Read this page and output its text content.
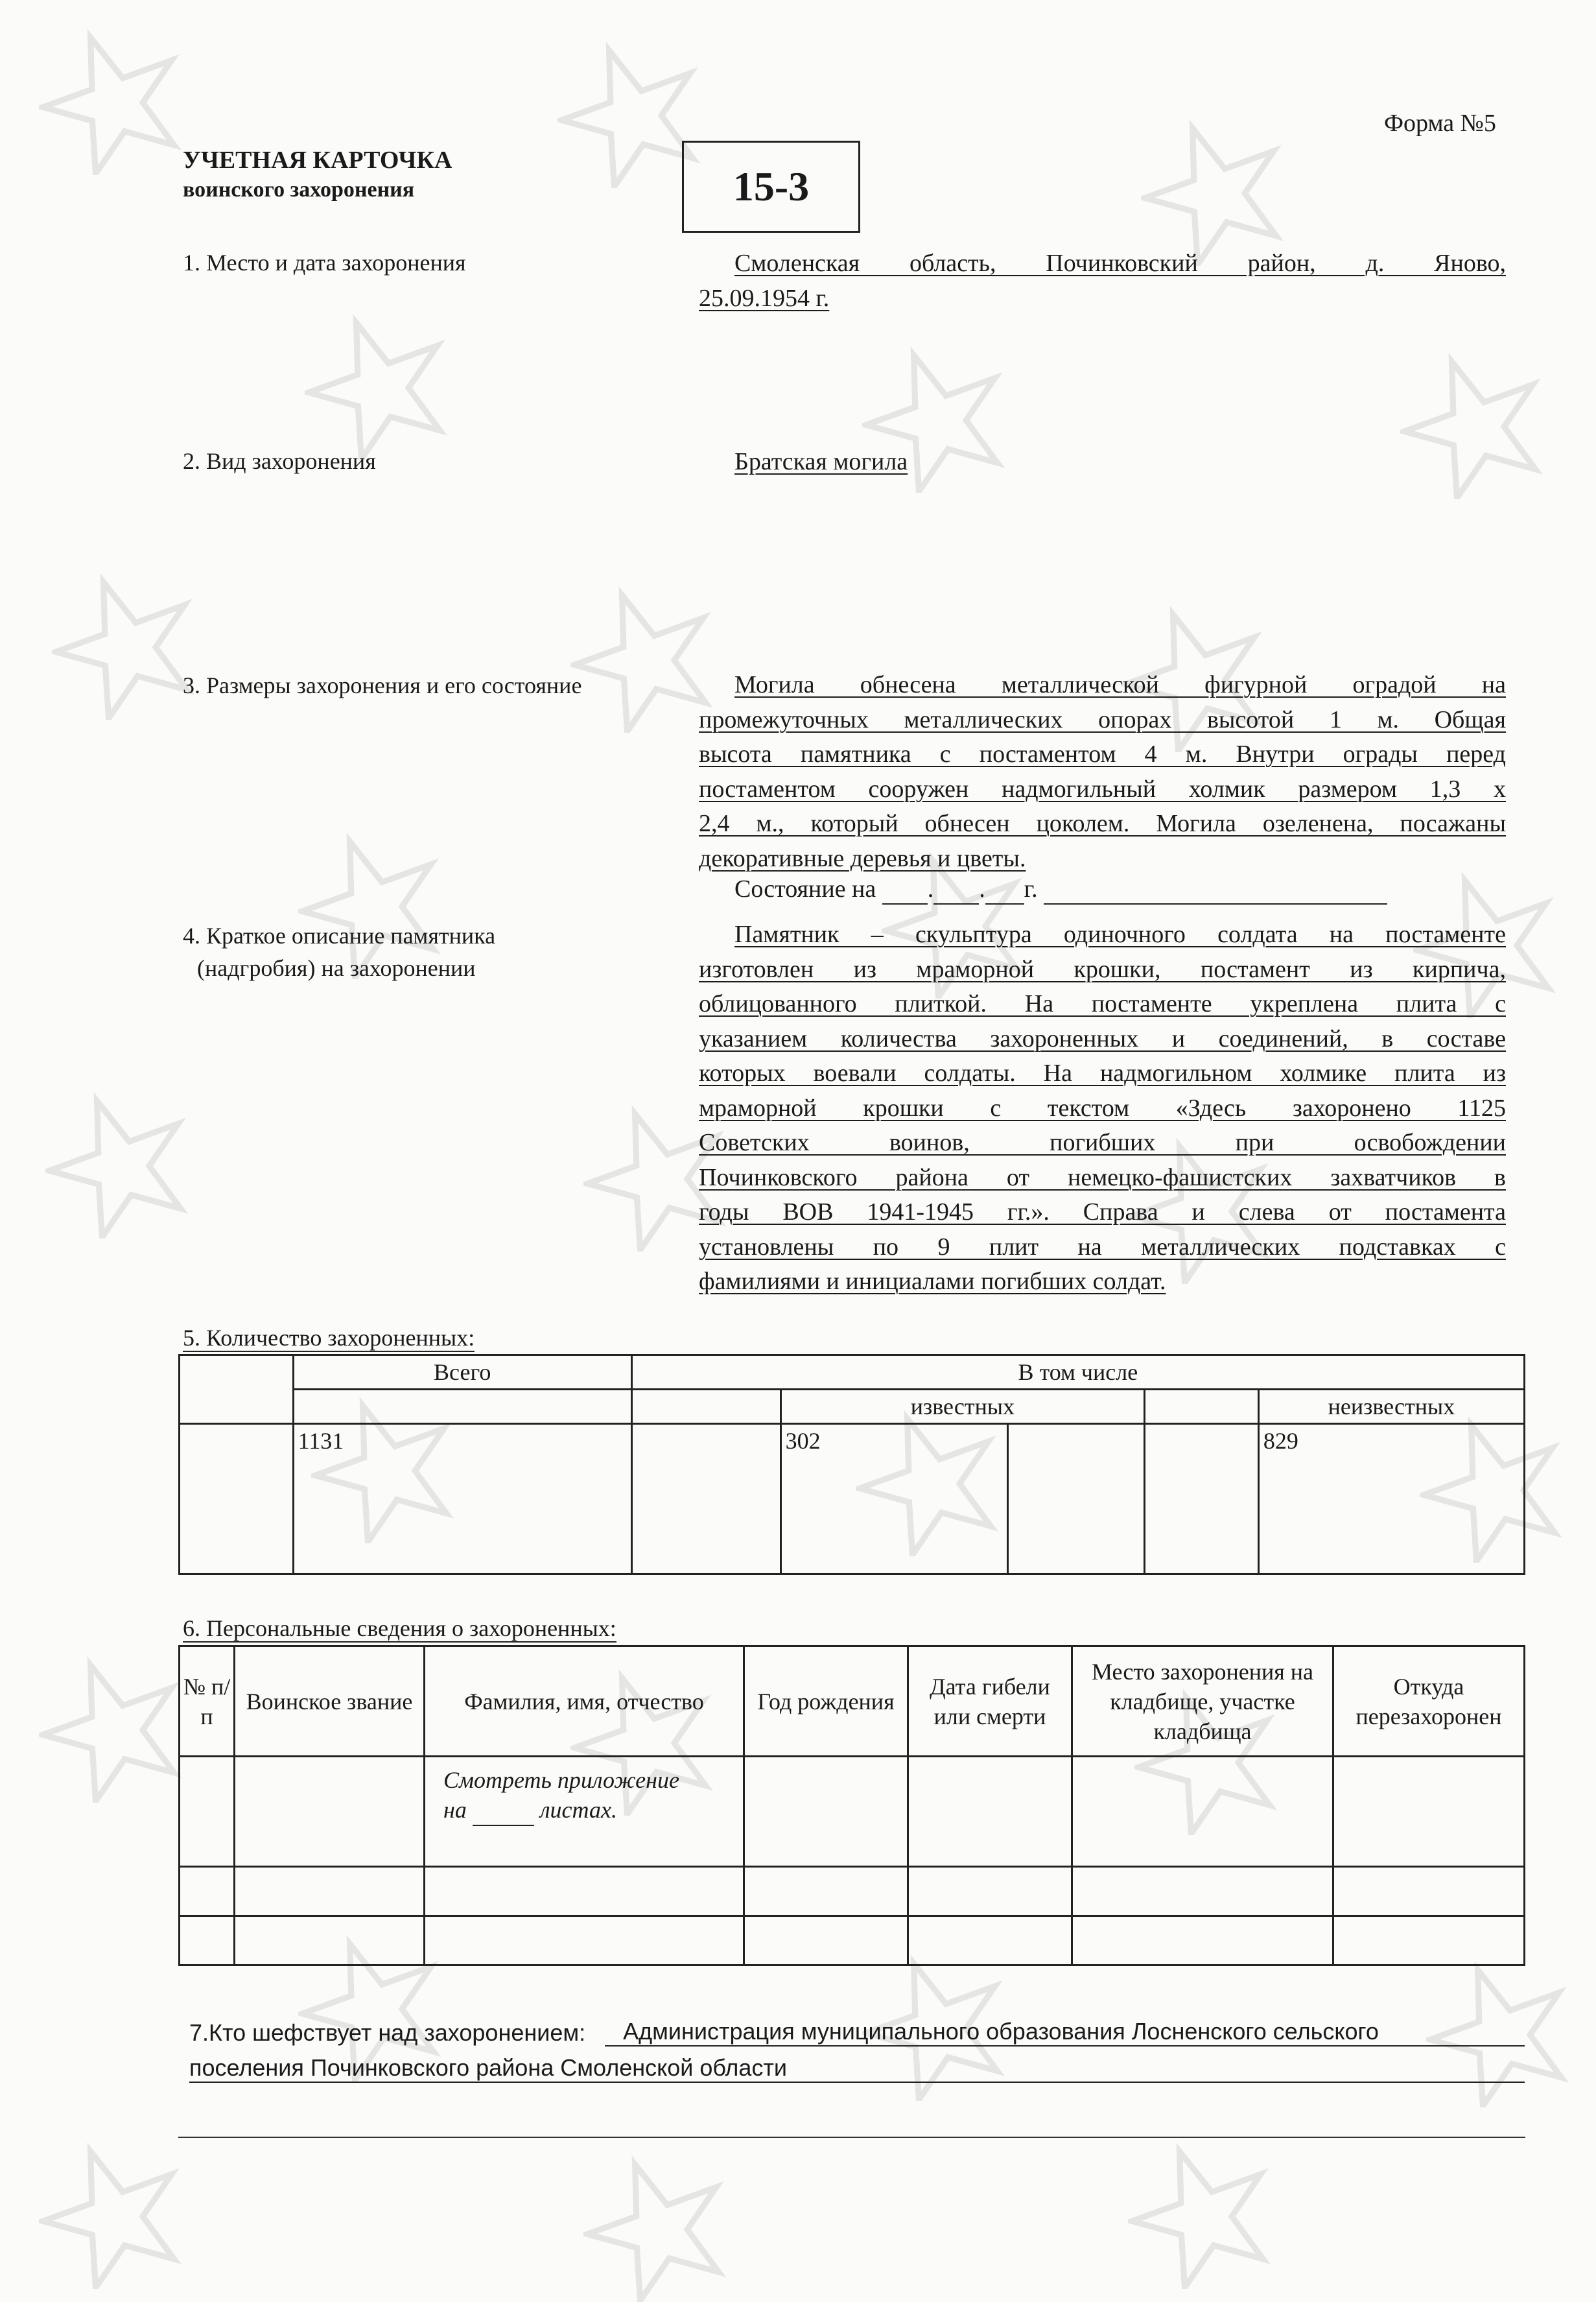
Форма №5
УЧЕТНАЯ КАРТОЧКА
воинского захоронения	15-3
1. Место и дата захоронения	Смоленская область, Починковский район, д. Яново,
25.09.1954 г.
2. Вид захоронения	Братская могила
3. Размеры захоронения и его состояние	Могила обнесена металлической фигурной оградой на
промежуточных металлических опорах высотой 1 м. Общая
высота памятника с постаментом 4 м. Внутри ограды перед
постаментом сооружен надмогильный холмик размером 1,3 х
2,4 м., который обнесен цоколем. Могила озеленена, посажаны
декоративные деревья и цветы.
Состояние на . . г.
4. Краткое описание памятника
(надгробия) на захоронении
Памятник – скульптура одиночного солдата на постаменте
изготовлен из мраморной крошки, постамент из кирпича,
облицованного плиткой. На постаменте укреплена плита с
указанием количества захороненных и соединений, в составе
которых воевали солдаты. На надмогильном холмике плита из
мраморной крошки с текстом «Здесь захоронено 1125
Советских воинов, погибших при освобождении
Починковского района от немецко-фашистских захватчиков в
годы ВОВ 1941-1945 гг.». Справа и слева от постамента
установлены по 9 плит на металлических подставках с
фамилиями и инициалами погибших солдат.
5. Количество захороненных:
	Всего	В том числе				
			известных			неизвестных
	1131		302			829
6. Персональные сведения о захороненных:
№ п/п	Воинское звание	Фамилия, имя, отчество	Год рождения	Дата гибели или смерти	Место захоронения на кладбище, участке кладбища	Откуда перезахоронен

		Смотреть приложение
на листах.				

7.Кто шефствует над захоронением:	Администрация муниципального образования Лосненского сельского
поселения Починковского района Смоленской области
